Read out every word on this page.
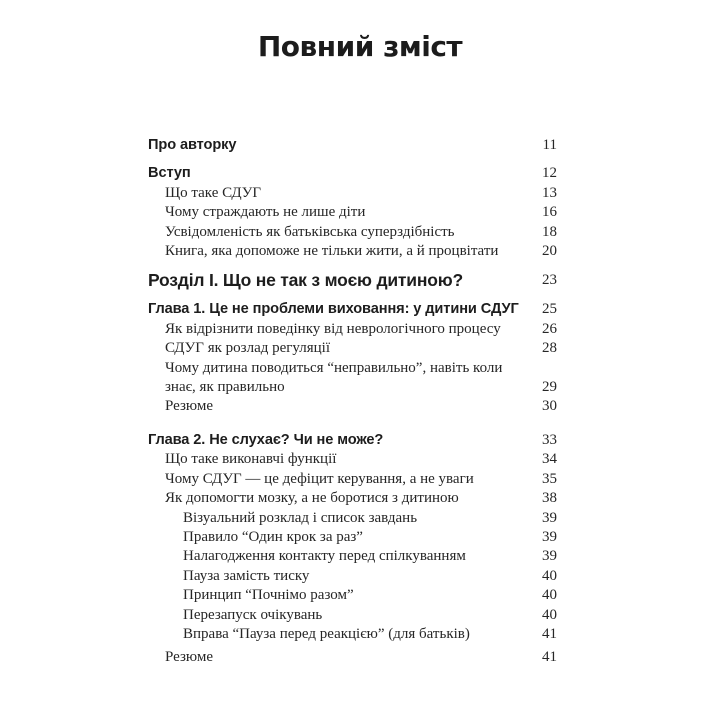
Повний зміст
Про авторку	11
Вступ	12
Що таке СДУГ	13
Чому страждають не лише діти	16
Усвідомленість як батьківська суперздібність	18
Книга, яка допоможе не тільки жити, а й процвітати	20
Розділ І. Що не так з моєю дитиною?	23
Глава 1. Це не проблеми виховання: у дитини СДУГ	25
Як відрізнити поведінку від неврологічного процесу	26
СДУГ як розлад регуляції	28
Чому дитина поводиться “неправильно”, навіть коли знає, як правильно	29
Резюме	30
Глава 2. Не слухає? Чи не може?	33
Що таке виконавчі функції	34
Чому СДУГ — це дефіцит керування, а не уваги	35
Як допомогти мозку, а не боротися з дитиною	38
Візуальний розклад і список завдань	39
Правило “Один крок за раз”	39
Налагодження контакту перед спілкуванням	39
Пауза замість тиску	40
Принцип “Почнімо разом”	40
Перезапуск очікувань	40
Вправа “Пауза перед реакцією” (для батьків)	41
Резюме	41
